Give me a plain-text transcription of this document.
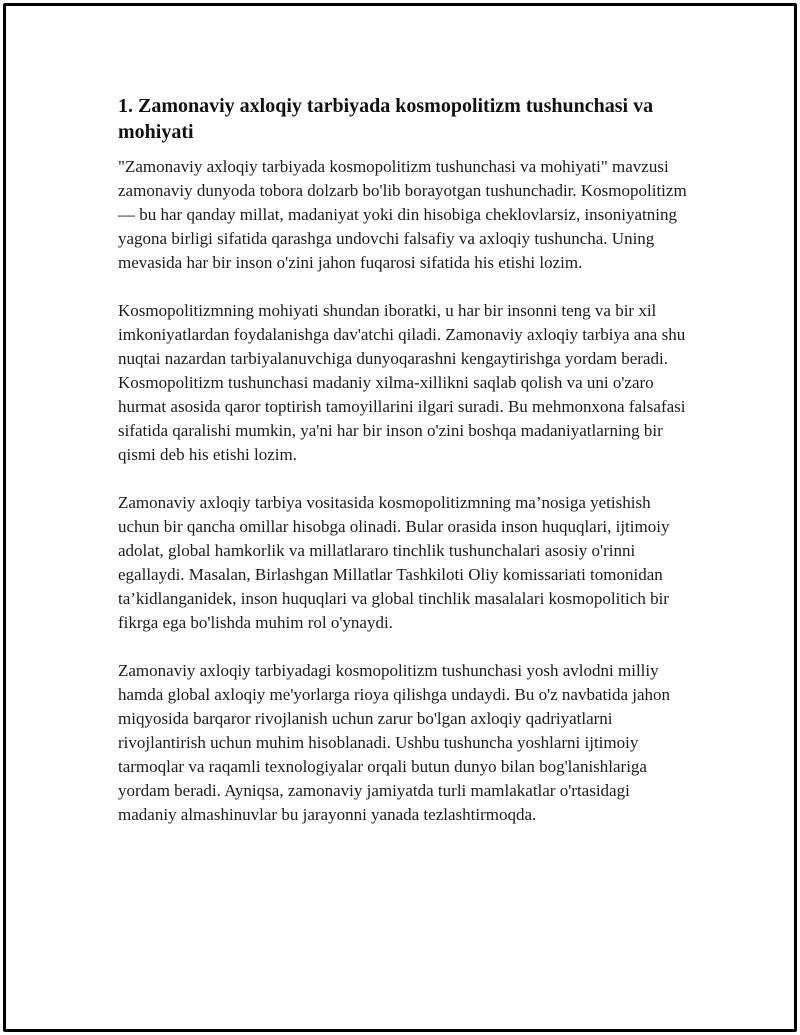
1. Zamonaviy axloqiy tarbiyada kosmopolitizm tushunchasi va mohiyati

"Zamonaviy axloqiy tarbiyada kosmopolitizm tushunchasi va mohiyati" mavzusi zamonaviy dunyoda tobora dolzarb bo'lib borayotgan tushunchadir. Kosmopolitizm — bu har qanday millat, madaniyat yoki din hisobiga cheklovlarsiz, insoniyatning yagona birligi sifatida qarashga undovchi falsafiy va axloqiy tushuncha. Uning mevasida har bir inson o'zini jahon fuqarosi sifatida his etishi lozim.

Kosmopolitizmning mohiyati shundan iboratki, u har bir insonni teng va bir xil imkoniyatlardan foydalanishga dav'atchi qiladi. Zamonaviy axloqiy tarbiya ana shu nuqtai nazardan tarbiyalanuvchiga dunyoqarashni kengaytirishga yordam beradi. Kosmopolitizm tushunchasi madaniy xilma-xillikni saqlab qolish va uni o'zaro hurmat asosida qaror toptirish tamoyillarini ilgari suradi. Bu mehmonxona falsafasi sifatida qaralishi mumkin, ya'ni har bir inson o'zini boshqa madaniyatlarning bir qismi deb his etishi lozim.

Zamonaviy axloqiy tarbiya vositasida kosmopolitizmning ma’nosiga yetishish uchun bir qancha omillar hisobga olinadi. Bular orasida inson huquqlari, ijtimoiy adolat, global hamkorlik va millatlararo tinchlik tushunchalari asosiy o'rinni egallaydi. Masalan, Birlashgan Millatlar Tashkiloti Oliy komissariati tomonidan ta’kidlanganidek, inson huquqlari va global tinchlik masalalari kosmopolitich bir fikrga ega bo'lishda muhim rol o'ynaydi.

Zamonaviy axloqiy tarbiyadagi kosmopolitizm tushunchasi yosh avlodni milliy hamda global axloqiy me'yorlarga rioya qilishga undaydi. Bu o'z navbatida jahon miqyosida barqaror rivojlanish uchun zarur bo'lgan axloqiy qadriyatlarni rivojlantirish uchun muhim hisoblanadi. Ushbu tushuncha yoshlarni ijtimoiy tarmoqlar va raqamli texnologiyalar orqali butun dunyo bilan bog'lanishlariga yordam beradi. Ayniqsa, zamonaviy jamiyatda turli mamlakatlar o'rtasidagi madaniy almashinuvlar bu jarayonni yanada tezlashtirmoqda.
